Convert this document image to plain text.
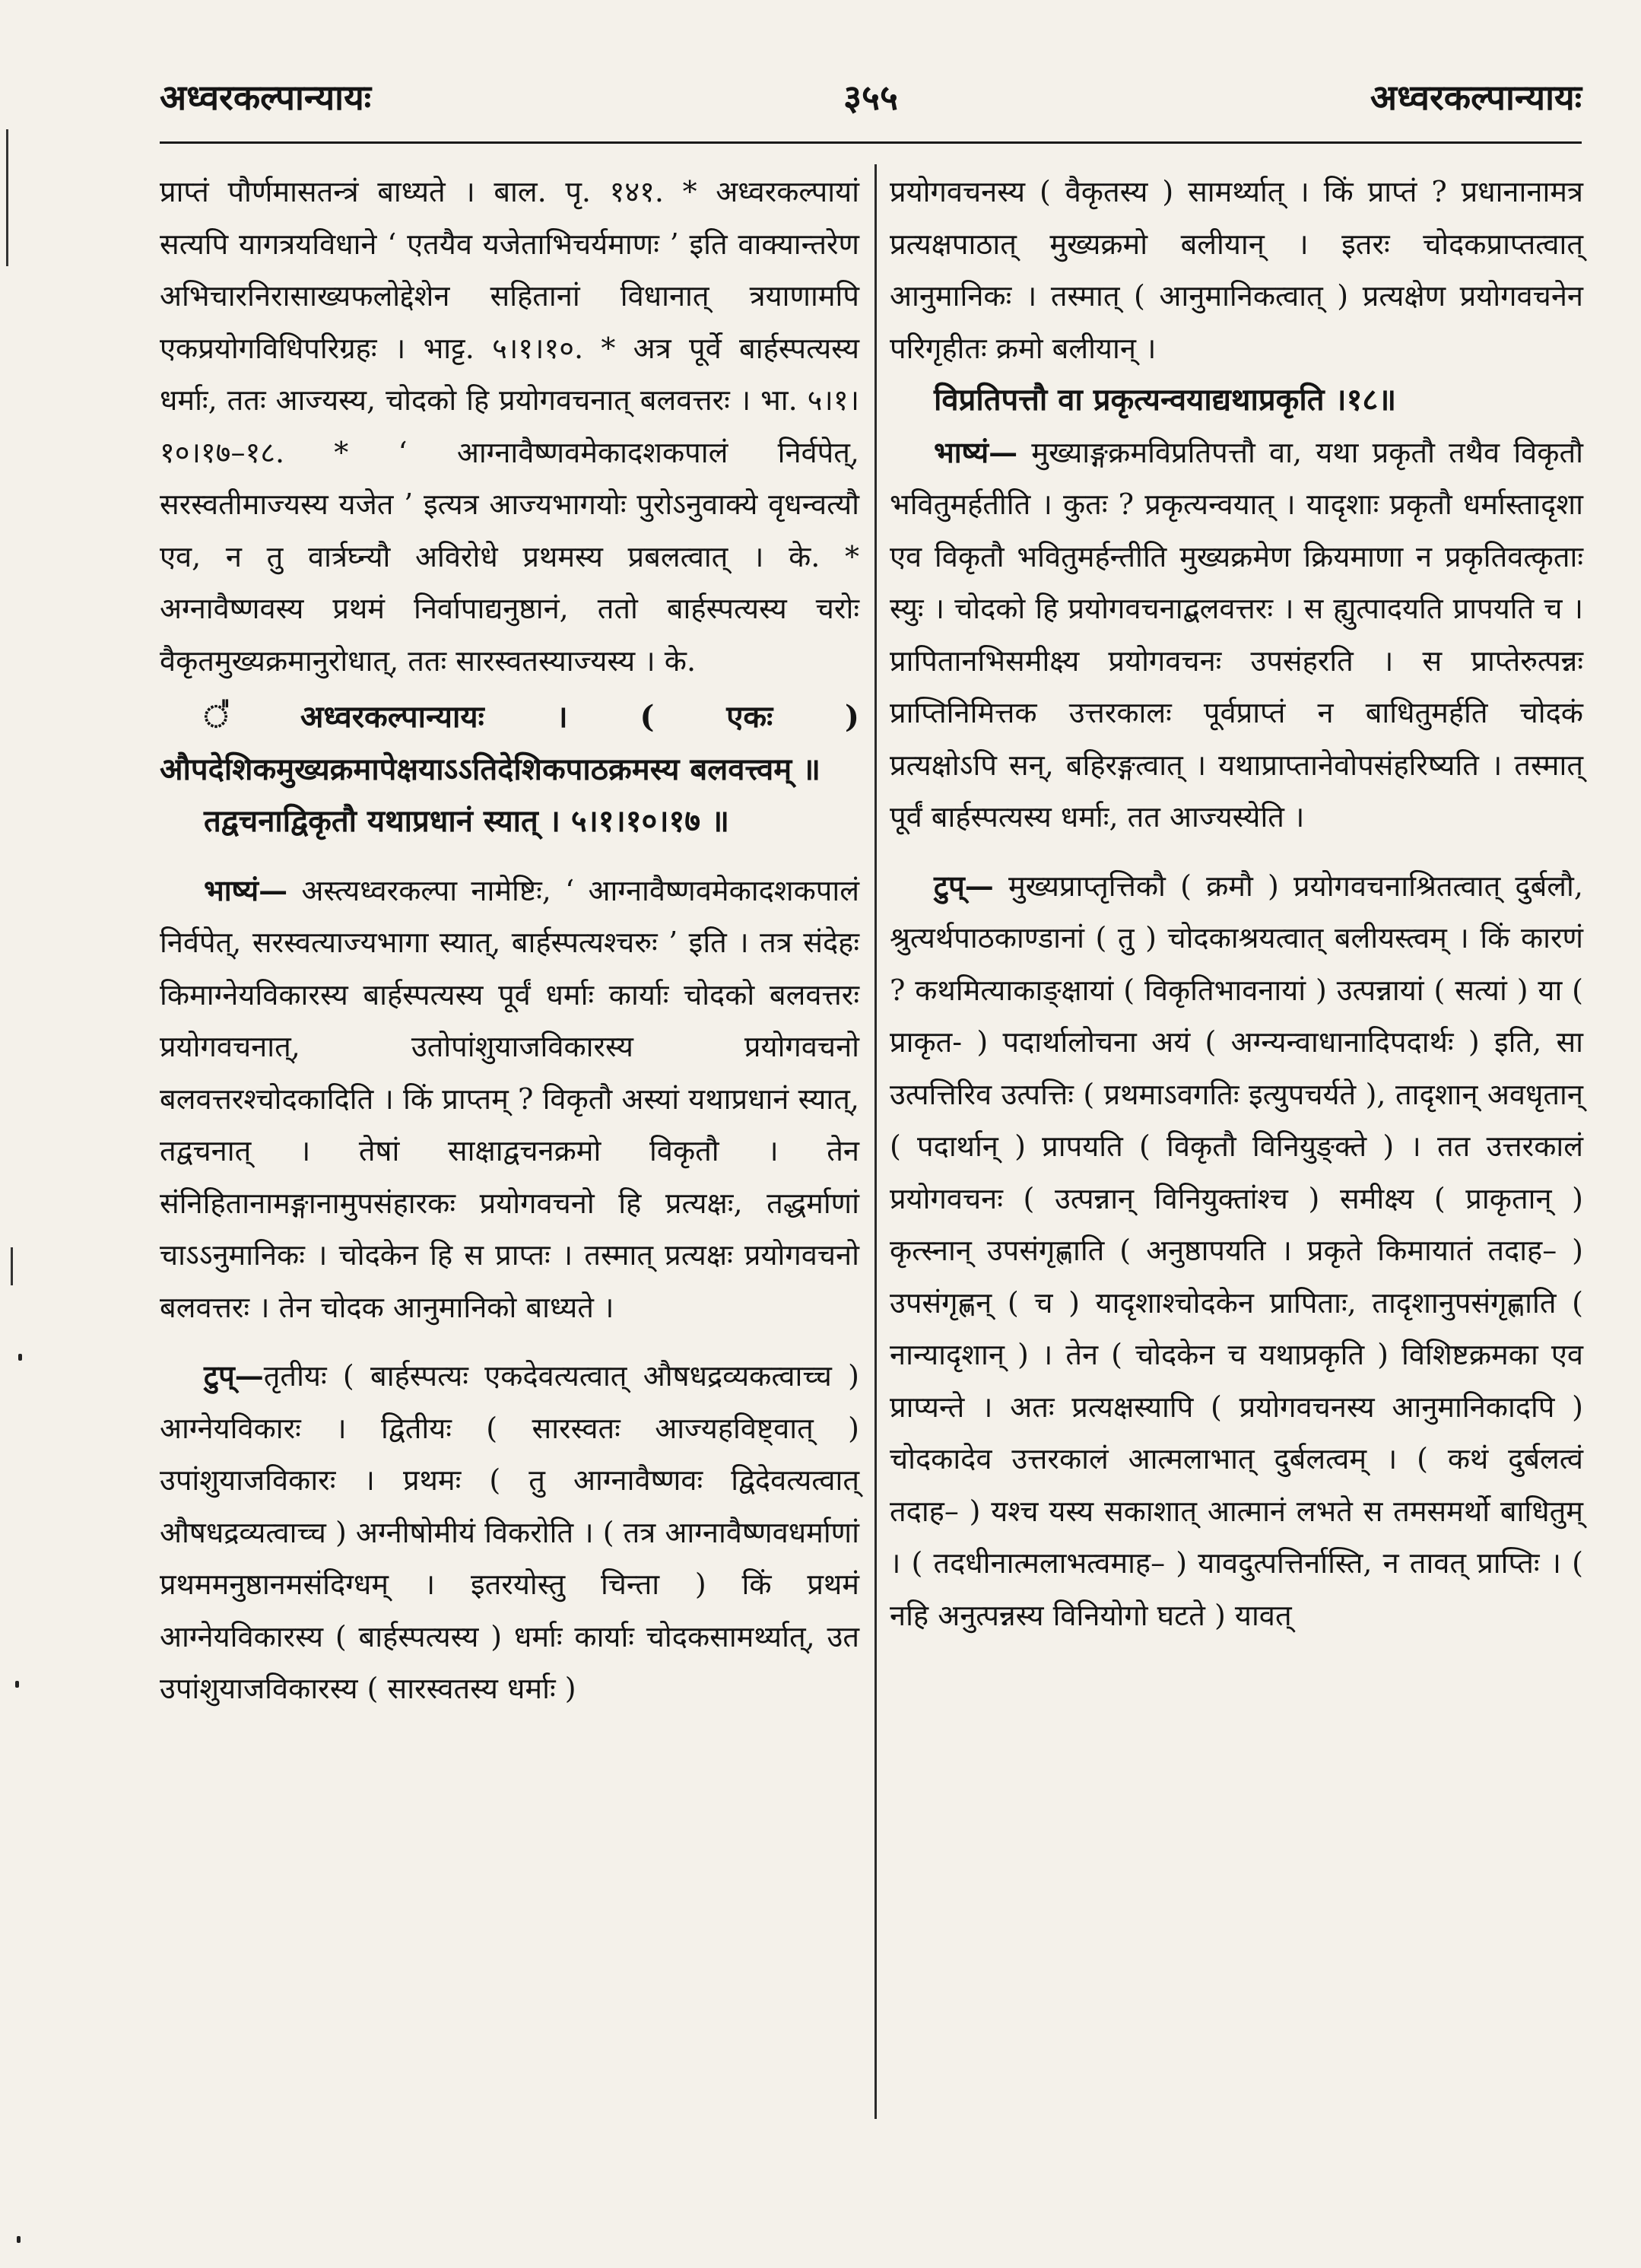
अध्वरकल्पान्यायः	३५५	अध्वरकल्पान्यायः

प्राप्तं पौर्णमासतन्त्रं बाध्यते । बाल. पृ. १४१. * अध्वरकल्पायां सत्यपि यागत्रयविधाने ‘ एतयैव यजेताभिचर्यमाणः ’ इति वाक्यान्तरेण अभिचारनिरासाख्यफलोद्देशेन सहितानां विधानात् त्रयाणामपि एकप्रयोगविधिपरिग्रहः । भाट्ट. ५।१।१०. * अत्र पूर्वे बार्हस्पत्यस्य धर्माः, ततः आज्यस्य, चोदको हि प्रयोगवचनात् बलवत्तरः । भा. ५।१।१०।१७–१८. * ‘ आग्नावैष्णवमेकादशकपालं निर्वपेत्, सरस्वतीमाज्यस्य यजेत ’ इत्यत्र आज्यभागयोः पुरोऽनुवाक्ये वृधन्वत्यौ एव, न तु वार्त्रघ्न्यौ अविरोधे प्रथमस्य प्रबलत्वात् । के. * अग्नावैष्णवस्य प्रथमं निर्वापाद्यनुष्ठानं, ततो बार्हस्पत्यस्य चरोः वैकृतमुख्यक्रमानुरोधात्, ततः सारस्वतस्याज्यस्य । के.

᳚ अध्वरकल्पान्यायः । ( एकः ) औपदेशिकमुख्यक्रमापेक्षयाऽऽतिदेशिकपाठक्रमस्य बलवत्त्वम् ॥

तद्वचनाद्विकृतौ यथाप्रधानं स्यात् । ५।१।१०।१७ ॥

भाष्यं— अस्त्यध्वरकल्पा नामेष्टिः, ‘ आग्नावैष्णवमेकादशकपालं निर्वपेत्, सरस्वत्याज्यभागा स्यात्, बार्हस्पत्यश्चरुः ’ इति । तत्र संदेहः किमाग्नेयविकारस्य बार्हस्पत्यस्य पूर्वं धर्माः कार्याः चोदको बलवत्तरः प्रयोगवचनात्, उतोपांशुयाजविकारस्य प्रयोगवचनो बलवत्तरश्चोदकादिति । किं प्राप्तम् ? विकृतौ अस्यां यथाप्रधानं स्यात्, तद्वचनात् । तेषां साक्षाद्वचनक्रमो विकृतौ । तेन संनिहितानामङ्गानामुपसंहारकः प्रयोगवचनो हि प्रत्यक्षः, तद्धर्माणां चाऽऽनुमानिकः । चोदकेन हि स प्राप्तः । तस्मात् प्रत्यक्षः प्रयोगवचनो बलवत्तरः । तेन चोदक आनुमानिको बाध्यते ।

टुप्—तृतीयः ( बार्हस्पत्यः एकदेवत्यत्वात् औषधद्रव्यकत्वाच्च ) आग्नेयविकारः । द्वितीयः ( सारस्वतः आज्यहविष्ट्वात् ) उपांशुयाजविकारः । प्रथमः ( तु आग्नावैष्णवः द्विदेवत्यत्वात् औषधद्रव्यत्वाच्च ) अग्नीषोमीयं विकरोति । ( तत्र आग्नावैष्णवधर्माणां प्रथममनुष्ठानमसंदिग्धम् । इतरयोस्तु चिन्ता ) किं प्रथमं आग्नेयविकारस्य ( बार्हस्पत्यस्य ) धर्माः कार्याः चोदकसामर्थ्यात्, उत उपांशुयाजविकारस्य ( सारस्वतस्य धर्माः )

प्रयोगवचनस्य ( वैकृतस्य ) सामर्थ्यात् । किं प्राप्तं ? प्रधानानामत्र प्रत्यक्षपाठात् मुख्यक्रमो बलीयान् । इतरः चोदकप्राप्तत्वात् आनुमानिकः । तस्मात् ( आनुमानिकत्वात् ) प्रत्यक्षेण प्रयोगवचनेन परिगृहीतः क्रमो बलीयान् ।

विप्रतिपत्तौ वा प्रकृत्यन्वयाद्यथाप्रकृति ।१८॥

भाष्यं— मुख्याङ्गक्रमविप्रतिपत्तौ वा, यथा प्रकृतौ तथैव विकृतौ भवितुमर्हतीति । कुतः ? प्रकृत्यन्वयात् । यादृशाः प्रकृतौ धर्मास्तादृशा एव विकृतौ भवितुमर्हन्तीति मुख्यक्रमेण क्रियमाणा न प्रकृतिवत्कृताः स्युः । चोदको हि प्रयोगवचनाद्बलवत्तरः । स ह्युत्पादयति प्रापयति च । प्रापितानभिसमीक्ष्य प्रयोगवचनः उपसंहरति । स प्राप्तेरुत्पन्नः प्राप्तिनिमित्तक उत्तरकालः पूर्वप्राप्तं न बाधितुमर्हति चोदकं प्रत्यक्षोऽपि सन्, बहिरङ्गत्वात् । यथाप्राप्तानेवोपसंहरिष्यति । तस्मात् पूर्वं बार्हस्पत्यस्य धर्माः, तत आज्यस्येति ।

टुप्— मुख्यप्राप्तृत्तिकौ ( क्रमौ ) प्रयोगवचनाश्रितत्वात् दुर्बलौ, श्रुत्यर्थपाठकाण्डानां ( तु ) चोदकाश्रयत्वात् बलीयस्त्वम् । किं कारणं ? कथमित्याकाङ्क्षायां ( विकृतिभावनायां ) उत्पन्नायां ( सत्यां ) या ( प्राकृत- ) पदार्थालोचना अयं ( अग्न्यन्वाधानादिपदार्थः ) इति, सा उत्पत्तिरिव उत्पत्तिः ( प्रथमाऽवगतिः इत्युपचर्यते ), तादृशान् अवधृतान् ( पदार्थान् ) प्रापयति ( विकृतौ विनियुङ्क्ते ) । तत उत्तरकालं प्रयोगवचनः ( उत्पन्नान् विनियुक्तांश्च ) समीक्ष्य ( प्राकृतान् ) कृत्स्नान् उपसंगृह्णाति ( अनुष्ठापयति । प्रकृते किमायातं तदाह– ) उपसंगृह्णन् ( च ) यादृशाश्चोदकेन प्रापिताः, तादृशानुपसंगृह्णाति ( नान्यादृशान् ) । तेन ( चोदकेन च यथाप्रकृति ) विशिष्टक्रमका एव प्राप्यन्ते । अतः प्रत्यक्षस्यापि ( प्रयोगवचनस्य आनुमानिकादपि ) चोदकादेव उत्तरकालं आत्मलाभात् दुर्बलत्वम् । ( कथं दुर्बलत्वं तदाह– ) यश्च यस्य सकाशात् आत्मानं लभते स तमसमर्थो बाधितुम् । ( तदधीनात्मलाभत्वमाह– ) यावदुत्पत्तिर्नास्ति, न तावत् प्राप्तिः । ( नहि अनुत्पन्नस्य विनियोगो घटते ) यावत्
